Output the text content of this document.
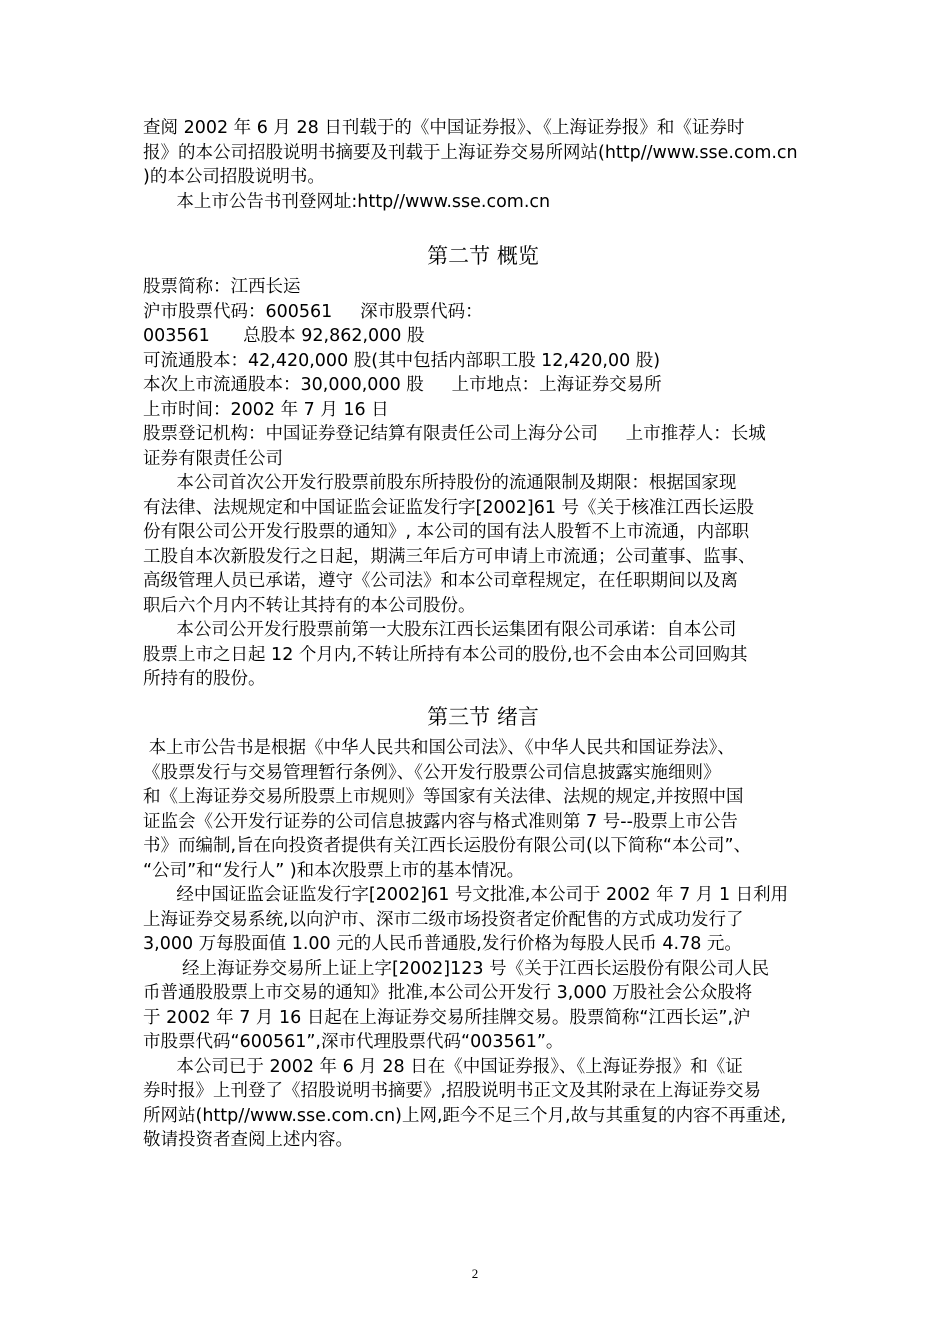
查阅 2002 年 6 月 28 日刊载于的《中国证券报》、《上海证券报》和《证券时
报》的本公司招股说明书摘要及刊载于上海证券交易所网站(http//www.sse.com.cn
)的本公司招股说明书。
本上市公告书刊登网址:http//www.sse.com.cn
第二节 概览
股票简称：江西长运
沪市股票代码：600561     深市股票代码：
003561      总股本 92,862,000 股
可流通股本：42,420,000 股(其中包括内部职工股 12,420,00 股)
本次上市流通股本：30,000,000 股     上市地点：上海证券交易所
上市时间：2002 年 7 月 16 日
股票登记机构：中国证券登记结算有限责任公司上海分公司     上市推荐人：长城
证券有限责任公司
本公司首次公开发行股票前股东所持股份的流通限制及期限：根据国家现
有法律、法规规定和中国证监会证监发行字[2002]61 号《关于核准江西长运股
份有限公司公开发行股票的通知》, 本公司的国有法人股暂不上市流通，内部职
工股自本次新股发行之日起，期满三年后方可申请上市流通；公司董事、监事、
高级管理人员已承诺，遵守《公司法》和本公司章程规定，在任职期间以及离
职后六个月内不转让其持有的本公司股份。
本公司公开发行股票前第一大股东江西长运集团有限公司承诺：自本公司
股票上市之日起 12 个月内,不转让所持有本公司的股份,也不会由本公司回购其
所持有的股份。
第三节 绪言
本上市公告书是根据《中华人民共和国公司法》、《中华人民共和国证券法》、
《股票发行与交易管理暂行条例》、《公开发行股票公司信息披露实施细则》
和《上海证券交易所股票上市规则》等国家有关法律、法规的规定,并按照中国
证监会《公开发行证券的公司信息披露内容与格式准则第 7 号--股票上市公告
书》而编制,旨在向投资者提供有关江西长运股份有限公司(以下简称“本公司”、
“公司”和“发行人” )和本次股票上市的基本情况。
经中国证监会证监发行字[2002]61 号文批准,本公司于 2002 年 7 月 1 日利用
上海证券交易系统,以向沪市、深市二级市场投资者定价配售的方式成功发行了
3,000 万每股面值 1.00 元的人民币普通股,发行价格为每股人民币 4.78 元。
经上海证券交易所上证上字[2002]123 号《关于江西长运股份有限公司人民
币普通股股票上市交易的通知》批准,本公司公开发行 3,000 万股社会公众股将
于 2002 年 7 月 16 日起在上海证券交易所挂牌交易。股票简称“江西长运”,沪
市股票代码“600561”,深市代理股票代码“003561”。
本公司已于 2002 年 6 月 28 日在《中国证券报》、《上海证券报》和《证
券时报》上刊登了《招股说明书摘要》,招股说明书正文及其附录在上海证券交易
所网站(http//www.sse.com.cn)上网,距今不足三个月,故与其重复的内容不再重述,
敬请投资者查阅上述内容。
2
